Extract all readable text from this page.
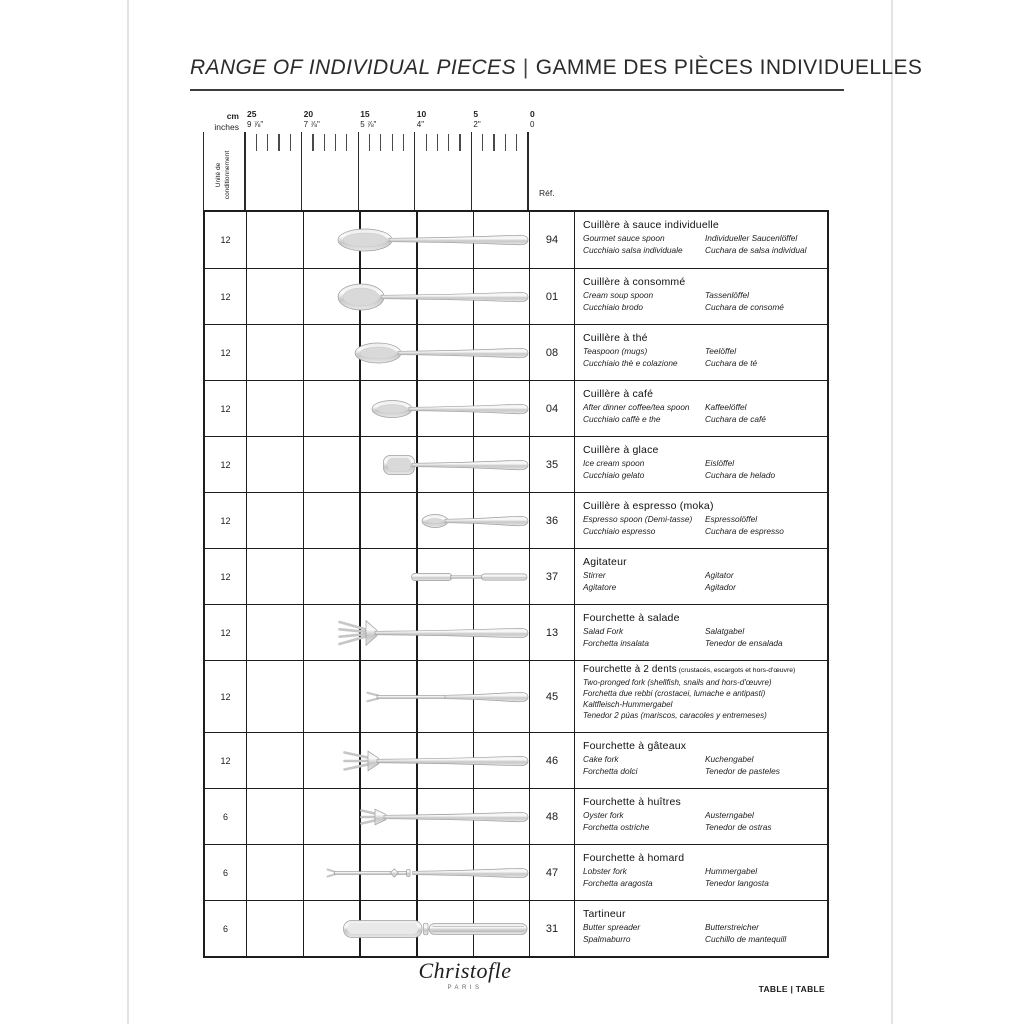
RANGE OF INDIVIDUAL PIECES | GAMME DES PIÈCES INDIVIDUELLES
cm
inches
Unité de conditionnement	Réf.
25
9 ⅞"
20
7 ⅞"
15
5 ⅞"
10
4"
5
2"
0
0
12	94
Cuillère à sauce individuelle
Gourmet sauce spoon	Individueller Saucenlöffel
Cucchiaio salsa individuale	Cuchara de salsa individual
12	01
Cuillère à consommé
Cream soup spoon	Tassenlöffel
Cucchiaio brodo	Cuchara de consomé
12	08
Cuillère à thé
Teaspoon (mugs)	Teelöffel
Cucchiaio thè e colazione	Cuchara de té
12	04
Cuillère à café
After dinner coffee/tea spoon	Kaffeelöffel
Cucchiaio caffè e the	Cuchara de café
12	35
Cuillère à glace
Ice cream spoon	Eislöffel
Cucchiaio gelato	Cuchara de helado
12	36
Cuillère à espresso (moka)
Espresso spoon (Demi-tasse)	Espressolöffel
Cucchiaio espresso	Cuchara de espresso
12	37
Agitateur
Stirrer	Agitator
Agitatore	Agitador
12	13
Fourchette à salade
Salad Fork	Salatgabel
Forchetta insalata	Tenedor de ensalada
12	45
Fourchette à 2 dents (crustacés, escargots et hors-d'œuvre)
Two-pronged fork (shellfish, snails and hors-d'œuvre)
Forchetta due rebbi (crostacei, lumache e antipasti)
Kaltfleisch-Hummergabel
Tenedor 2 púas (mariscos, caracoles y entremeses)
12	46
Fourchette à gâteaux
Cake fork	Kuchengabel
Forchetta dolci	Tenedor de pasteles
6	48
Fourchette à huîtres
Oyster fork	Austerngabel
Forchetta ostriche	Tenedor de ostras
6	47
Fourchette à homard
Lobster fork	Hummergabel
Forchetta aragosta	Tenedor langosta
6	31
Tartineur
Butter spreader	Butterstreicher
Spalmaburro	Cuchillo de mantequill
Christofle
PARIS	TABLE | TABLE
